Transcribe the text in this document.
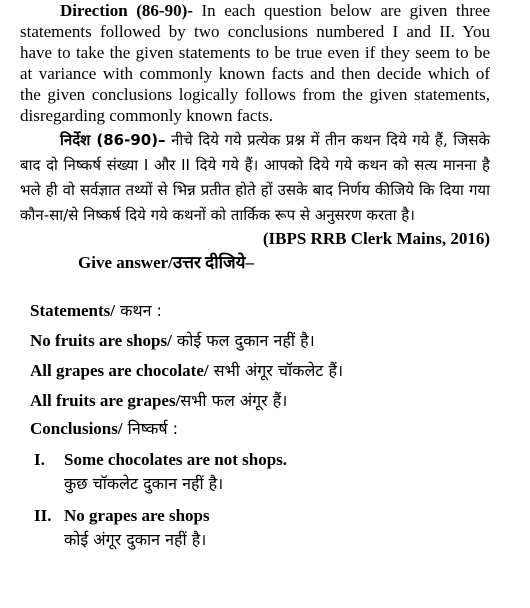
Direction (86-90)- In each question below are given three statements followed by two conclusions numbered I and II. You have to take the given statements to be true even if they seem to be at variance with commonly known facts and then decide which of the given conclusions logically follows from the given statements, disregarding commonly known facts.

निर्देश (86-90)– नीचे दिये गये प्रत्येक प्रश्न में तीन कथन दिये गये हैं, जिसके बाद दो निष्कर्ष संख्या I और II दिये गये हैं। आपको दिये गये कथन को सत्य मानना है भले ही वो सर्वज्ञात तथ्यों से भिन्न प्रतीत होते हों उसके बाद निर्णय कीजिये कि दिया गया कौन-सा/से निष्कर्ष दिये गये कथनों को तार्किक रूप से अनुसरण करता है।

(IBPS RRB Clerk Mains, 2016)

Give answer/उत्तर दीजिये–

Statements/ कथन :

No fruits are shops/ कोई फल दुकान नहीं है।

All grapes are chocolate/ सभी अंगूर चॉकलेट हैं।

All fruits are grapes/सभी फल अंगूर हैं।

Conclusions/ निष्कर्ष :

I. Some chocolates are not shops.
कुछ चॉकलेट दुकान नहीं है।
II. No grapes are shops
कोई अंगूर दुकान नहीं है।
